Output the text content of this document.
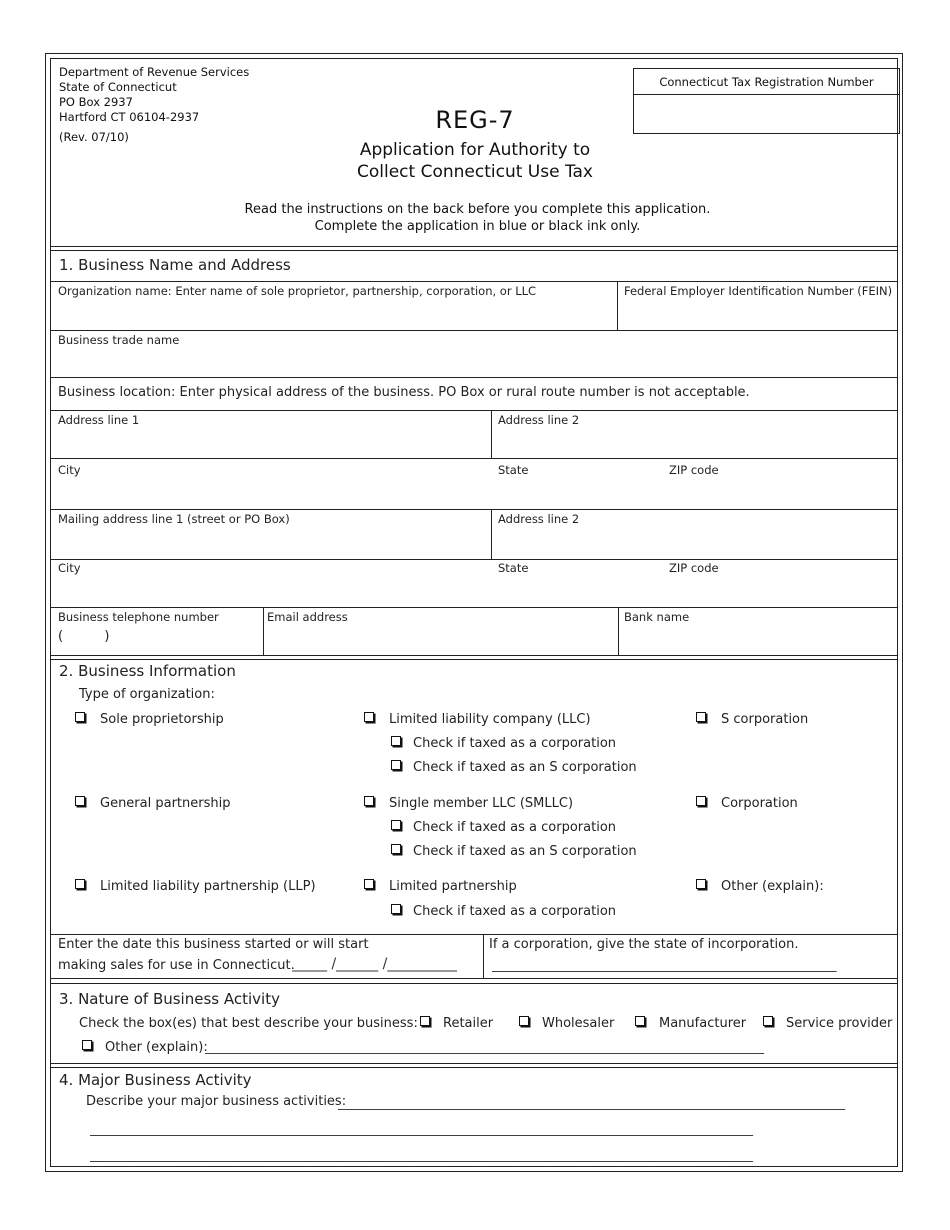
Department of Revenue Services
State of Connecticut
PO Box 2937
Hartford CT 06104-2937
(Rev. 07/10)
REG-7
Application for Authority to
Collect Connecticut Use Tax
Read the instructions on the back before you complete this application.
Complete the application in blue or black ink only.
Connecticut Tax Registration Number
1. Business Name and Address
Organization name: Enter name of sole proprietor, partnership, corporation, or LLC	Federal Employer Identification Number (FEIN)
Business trade name
Business location: Enter physical address of the business. PO Box or rural route number is not acceptable.
Address line 1	Address line 2
City	State	ZIP code
Mailing address line 1 (street or PO Box)	Address line 2
City	State	ZIP code
Business telephone number
(          )
Email address	Bank name
2. Business Information
Type of organization:
Sole proprietorship
General partnership
Limited liability partnership (LLP)
Limited liability company (LLC)
Check if taxed as a corporation
Check if taxed as an S corporation
Single member LLC (SMLLC)
Check if taxed as a corporation
Check if taxed as an S corporation
Limited partnership
Check if taxed as a corporation
S corporation
Corporation
Other (explain):
Enter the date this business started or will start
making sales for use in Connecticut.
_____ /______ /__________
If a corporation, give the state of incorporation.
_____________________________________________________
3. Nature of Business Activity
Check the box(es) that best describe your business: Retailer	Wholesaler	Manufacturer	Service provider
Other (explain):
______________________________________________________________________________________
4. Major Business Activity
Describe your major business activities:
______________________________________________________________________________
______________________________________________________________________________________________________
______________________________________________________________________________________________________
